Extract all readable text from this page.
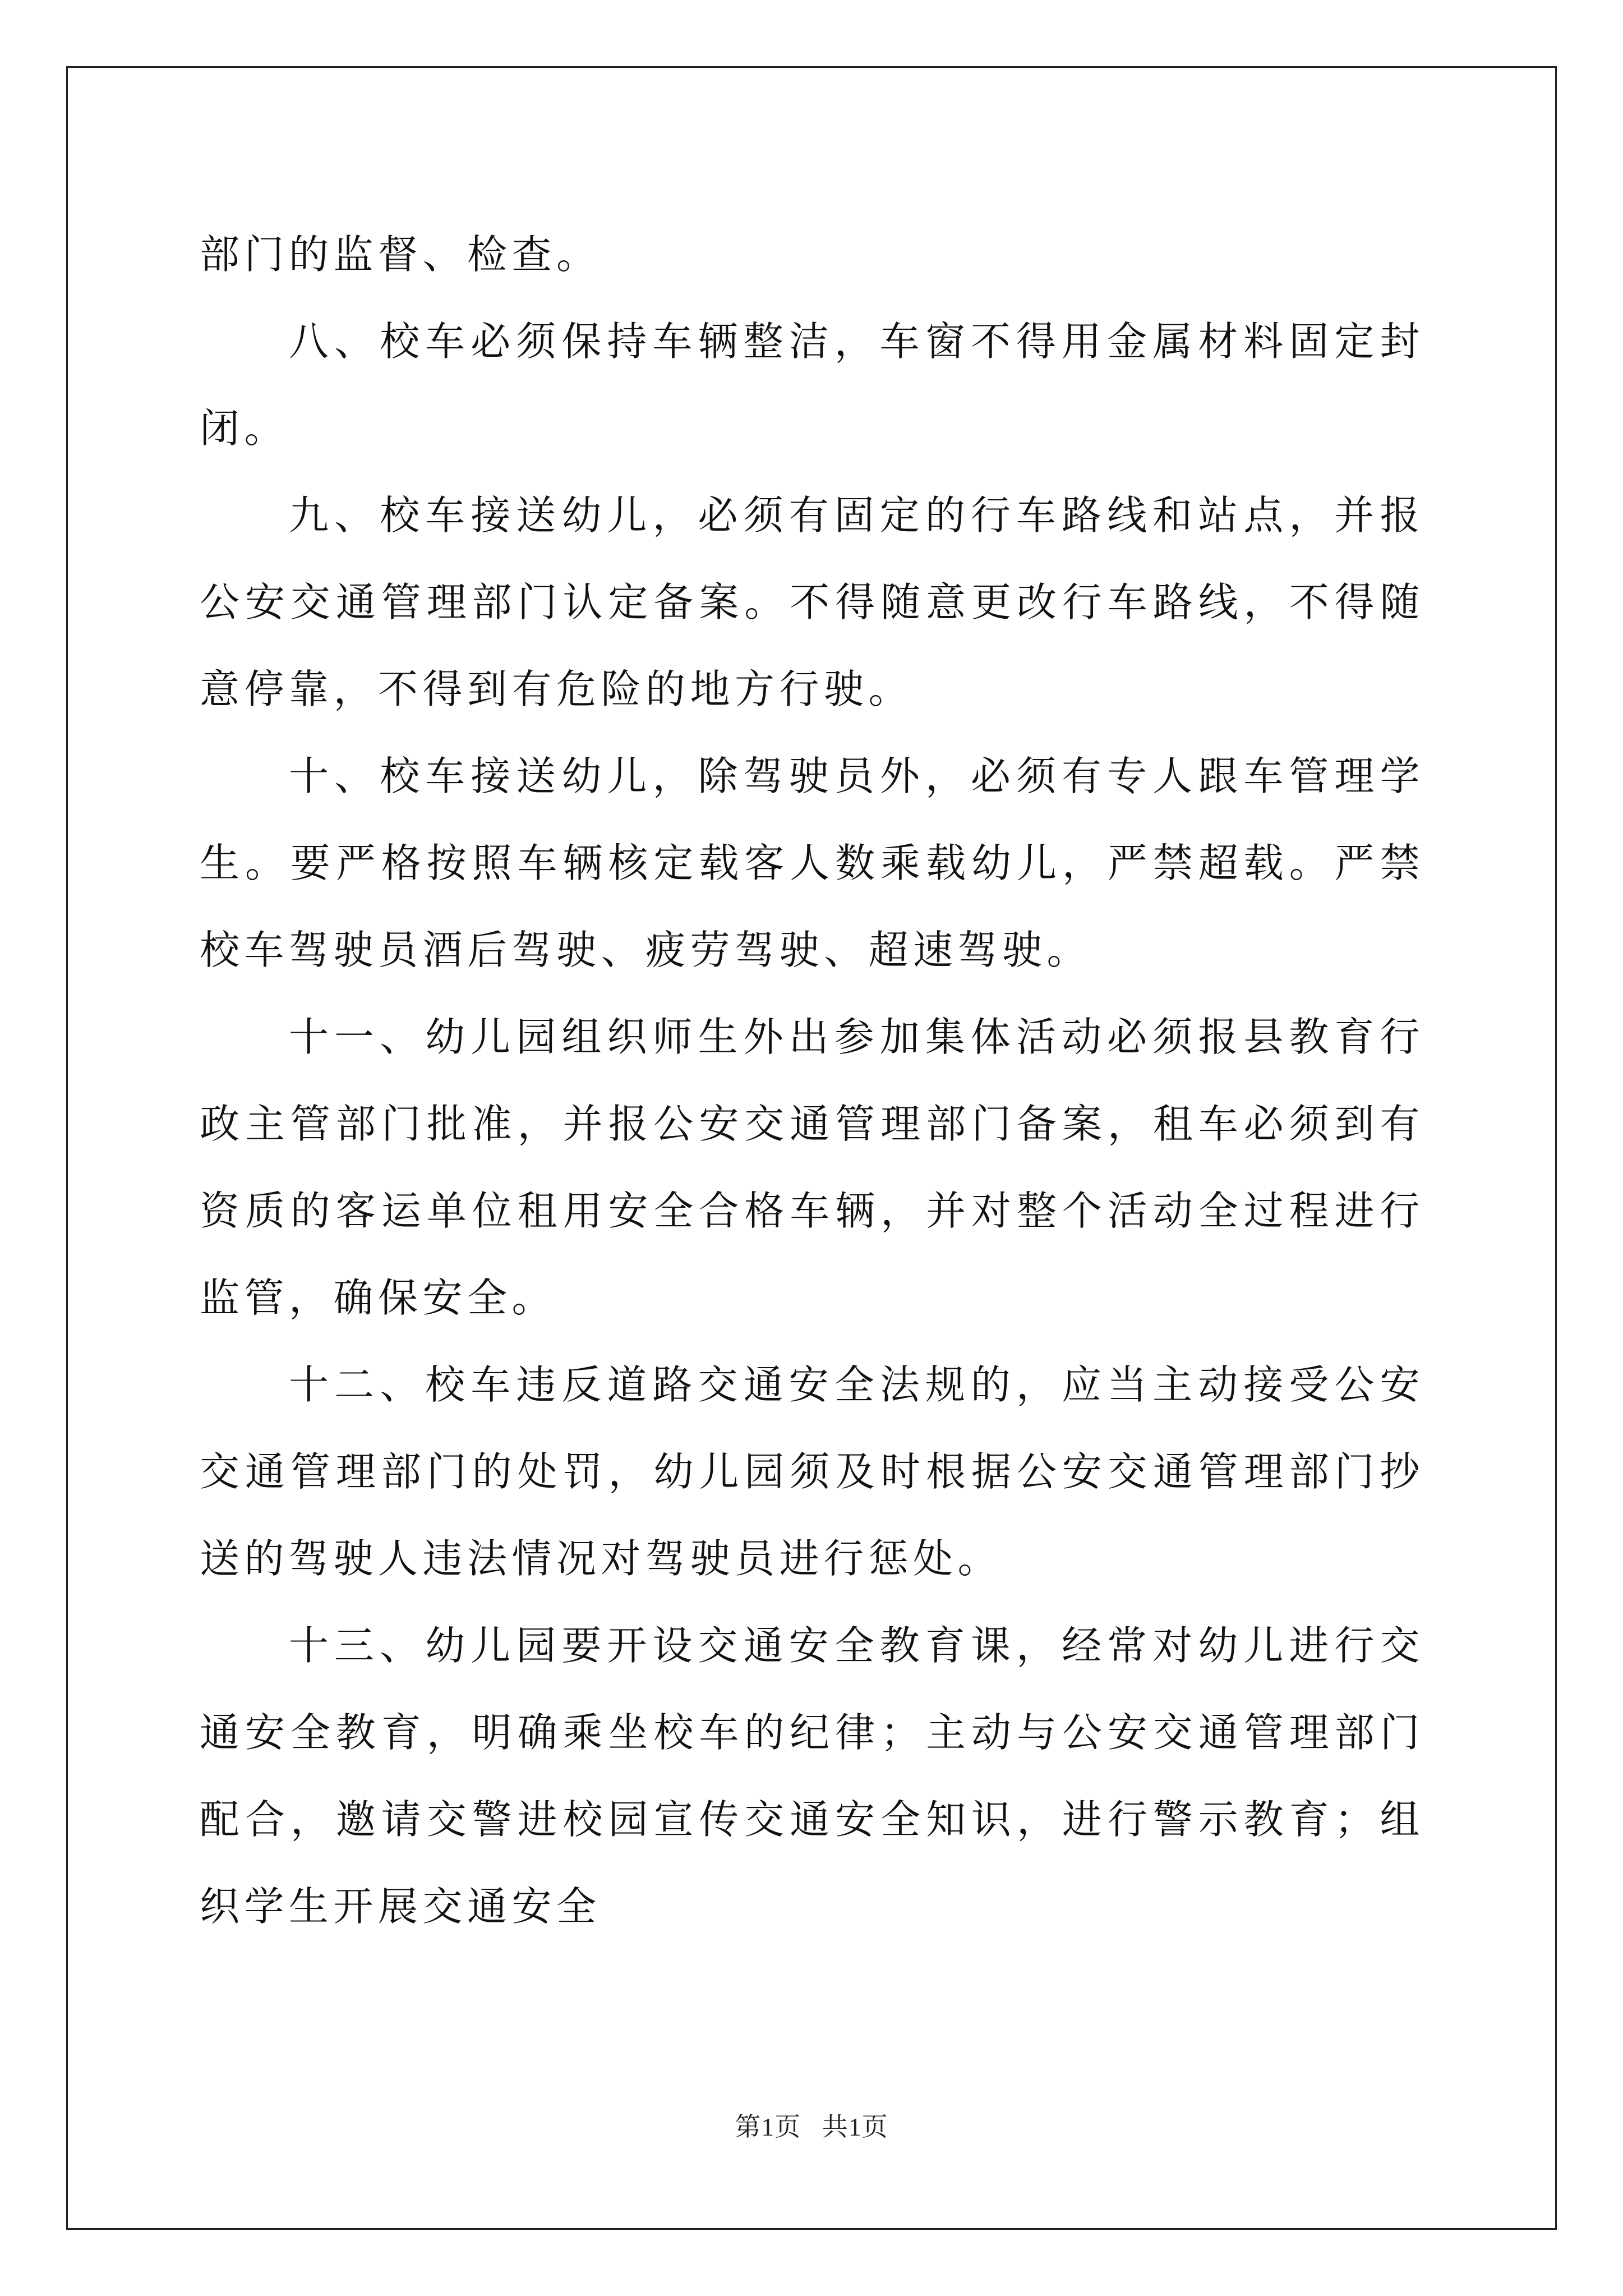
部门的监督、检查。

八、校车必须保持车辆整洁，车窗不得用金属材料固定封闭。

九、校车接送幼儿，必须有固定的行车路线和站点，并报公安交通管理部门认定备案。不得随意更改行车路线，不得随意停靠，不得到有危险的地方行驶。

十、校车接送幼儿，除驾驶员外，必须有专人跟车管理学生。要严格按照车辆核定载客人数乘载幼儿，严禁超载。严禁校车驾驶员酒后驾驶、疲劳驾驶、超速驾驶。

十一、幼儿园组织师生外出参加集体活动必须报县教育行政主管部门批准，并报公安交通管理部门备案，租车必须到有资质的客运单位租用安全合格车辆，并对整个活动全过程进行监管，确保安全。

十二、校车违反道路交通安全法规的，应当主动接受公安交通管理部门的处罚，幼儿园须及时根据公安交通管理部门抄送的驾驶人违法情况对驾驶员进行惩处。

十三、幼儿园要开设交通安全教育课，经常对幼儿进行交通安全教育，明确乘坐校车的纪律；主动与公安交通管理部门配合，邀请交警进校园宣传交通安全知识，进行警示教育；组织学生开展交通安全

第1页 共1页
